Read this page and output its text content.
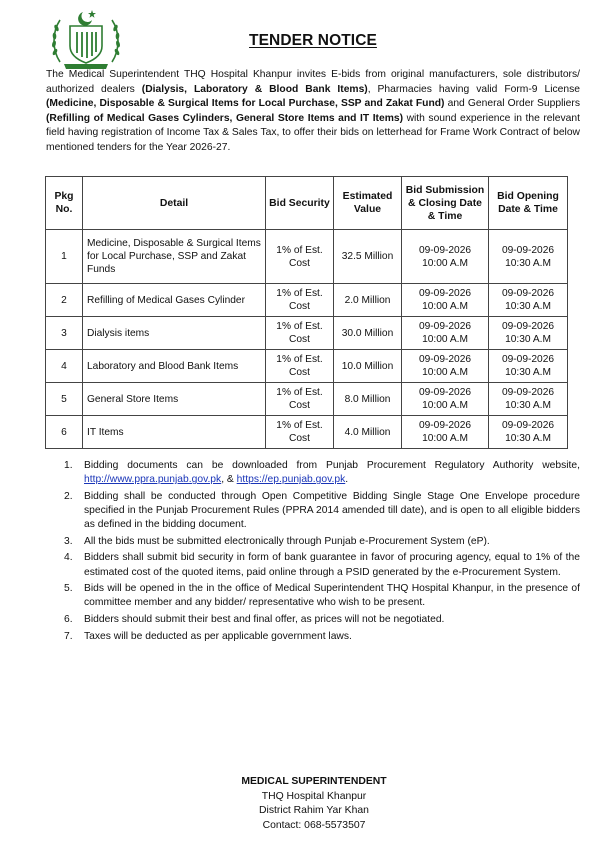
TENDER NOTICE

The Medical Superintendent THQ Hospital Khanpur invites E-bids from original manufacturers, sole distributors/ authorized dealers (Dialysis, Laboratory & Blood Bank Items), Pharmacies having valid Form-9 License (Medicine, Disposable & Surgical Items for Local Purchase, SSP and Zakat Fund) and General Order Suppliers (Refilling of Medical Gases Cylinders, General Store Items and IT Items) with sound experience in the relevant field having registration of Income Tax & Sales Tax, to offer their bids on letterhead for Frame Work Contract of below mentioned tenders for the Year 2026-27.

Pkg No.	Detail	Bid Security	Estimated Value	Bid Submission & Closing Date & Time	Bid Opening Date & Time
1	Medicine, Disposable & Surgical Items for Local Purchase, SSP and Zakat Funds	1% of Est. Cost	32.5 Million	09-09-2026 10:00 A.M	09-09-2026 10:30 A.M
2	Refilling of Medical Gases Cylinder	1% of Est. Cost	2.0 Million	09-09-2026 10:00 A.M	09-09-2026 10:30 A.M
3	Dialysis items	1% of Est. Cost	30.0 Million	09-09-2026 10:00 A.M	09-09-2026 10:30 A.M
4	Laboratory and Blood Bank Items	1% of Est. Cost	10.0 Million	09-09-2026 10:00 A.M	09-09-2026 10:30 A.M
5	General Store Items	1% of Est. Cost	8.0 Million	09-09-2026 10:00 A.M	09-09-2026 10:30 A.M
6	IT Items	1% of Est. Cost	4.0 Million	09-09-2026 10:00 A.M	09-09-2026 10:30 A.M
1. Bidding documents can be downloaded from Punjab Procurement Regulatory Authority website, http://www.ppra.punjab.gov.pk, & https://ep.punjab.gov.pk.
2. Bidding shall be conducted through Open Competitive Bidding Single Stage One Envelope procedure specified in the Punjab Procurement Rules (PPRA 2014 amended till date), and is open to all eligible bidders as defined in the bidding document.
3. All the bids must be submitted electronically through Punjab e-Procurement System (eP).
4. Bidders shall submit bid security in form of bank guarantee in favor of procuring agency, equal to 1% of the estimated cost of the quoted items, paid online through a PSID generated by the e-Procurement System.
5. Bids will be opened in the in the office of Medical Superintendent THQ Hospital Khanpur, in the presence of committee member and any bidder/ representative who wish to be present.
6. Bidders should submit their best and final offer, as prices will not be negotiated.
7. Taxes will be deducted as per applicable government laws.
MEDICAL SUPERINTENDENT
THQ Hospital Khanpur
District Rahim Yar Khan
Contact: 068-5573507
